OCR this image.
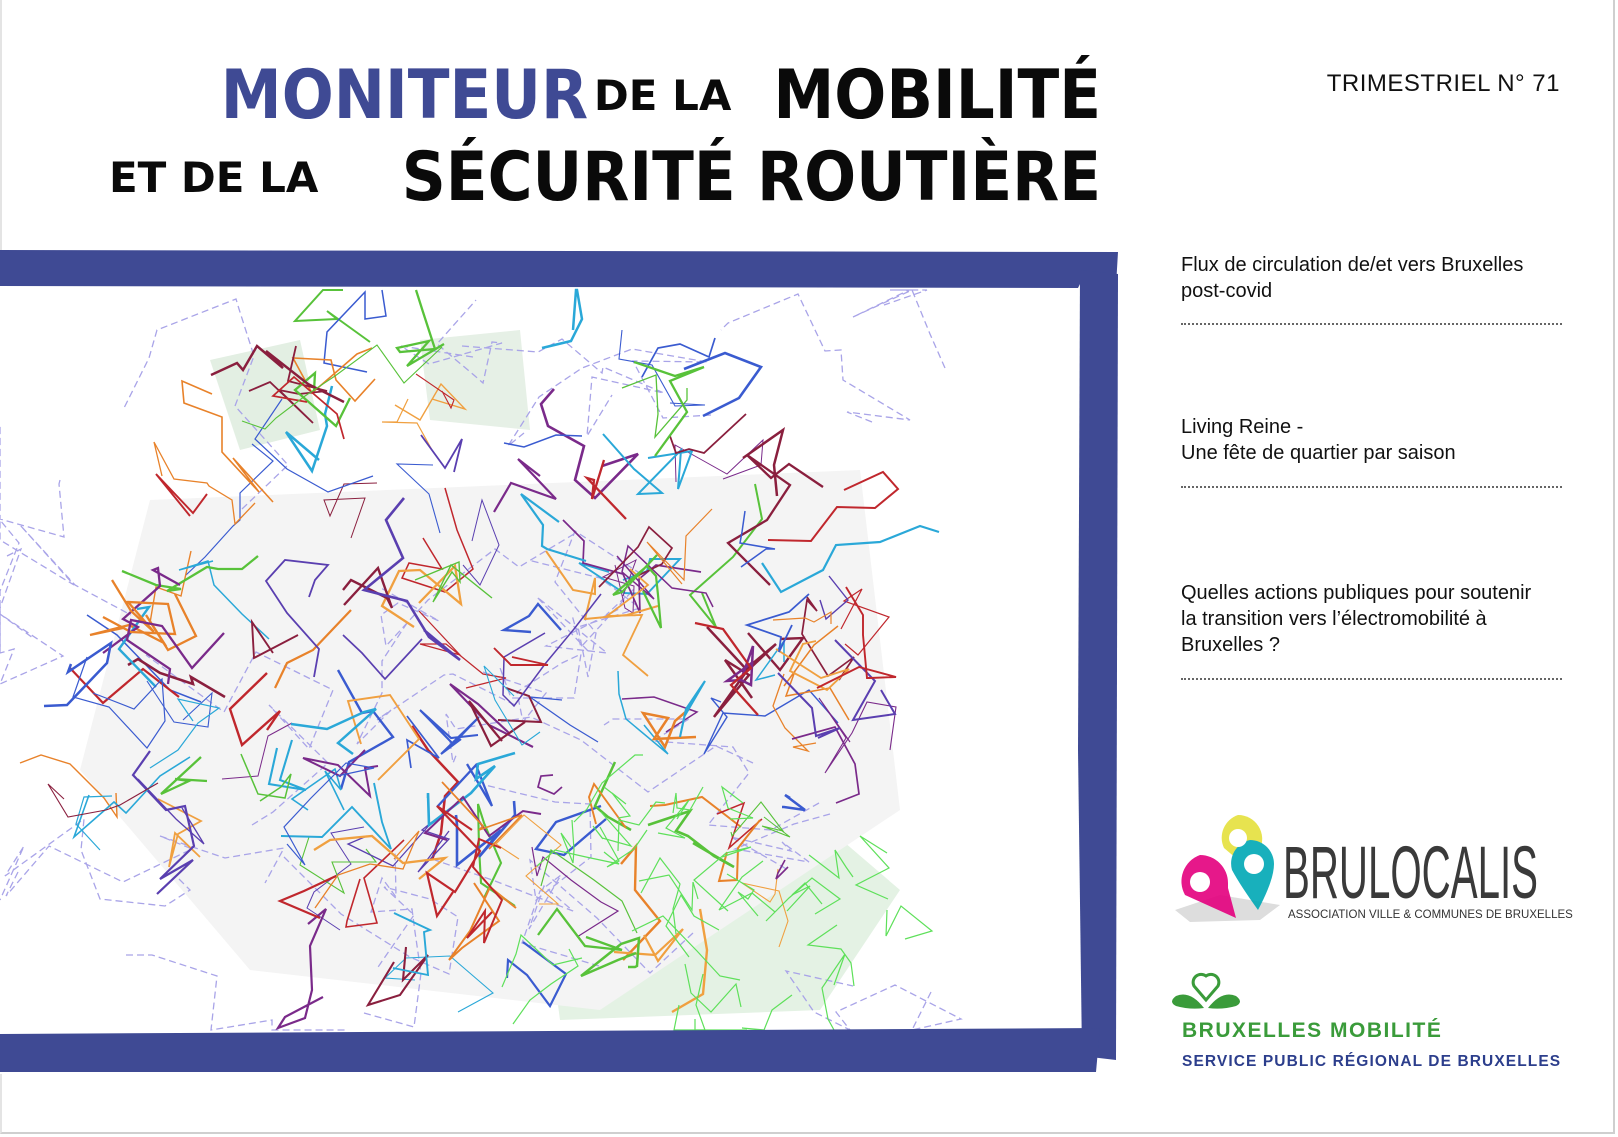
MONITEUR DE LA MOBILITÉ
ET DE LA SÉCURITÉ ROUTIÈRE
TRIMESTRIEL N° 71
Flux de circulation de/et vers Bruxelles
post-covid
Living Reine -
Une fête de quartier par saison
Quelles actions publiques pour soutenir
la transition vers l’électromobilité à
Bruxelles ?
BRULOCALIS
ASSOCIATION VILLE & COMMUNES DE BRUXELLES
BRUXELLES MOBILITÉ
SERVICE PUBLIC RÉGIONAL DE BRUXELLES
